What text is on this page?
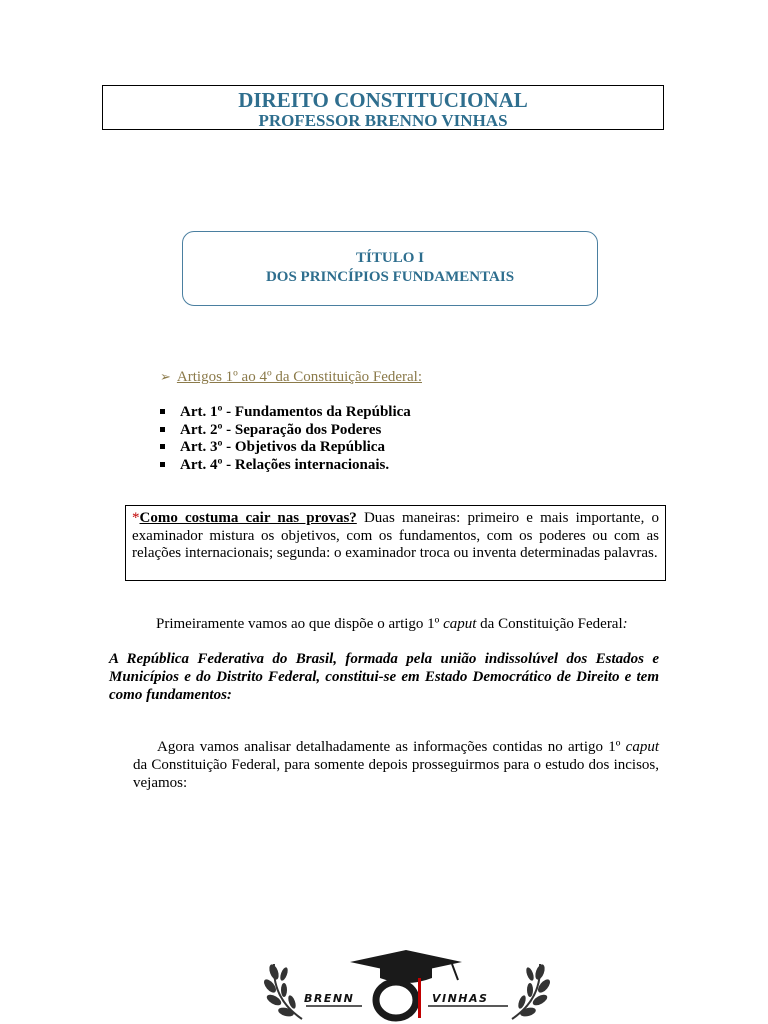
DIREITO CONSTITUCIONAL
PROFESSOR BRENNO VINHAS
TÍTULO I
DOS PRINCÍPIOS FUNDAMENTAIS
➢ Artigos 1º ao 4º da Constituição Federal:
Art. 1º - Fundamentos da República
Art. 2º - Separação dos Poderes
Art. 3º - Objetivos da República
Art. 4º - Relações internacionais.
*Como costuma cair nas provas? Duas maneiras: primeiro e mais importante, o examinador mistura os objetivos, com os fundamentos, com os poderes ou com as relações internacionais; segunda: o examinador troca ou inventa determinadas palavras.
Primeiramente vamos ao que dispõe o artigo 1º caput da Constituição Federal:
A República Federativa do Brasil, formada pela união indissolúvel dos Estados e Municípios e do Distrito Federal, constitui-se em Estado Democrático de Direito e tem como fundamentos:
Agora vamos analisar detalhadamente as informações contidas no artigo 1º caput da Constituição Federal, para somente depois prosseguirmos para o estudo dos incisos, vejamos:
BRENN	VINHAS
